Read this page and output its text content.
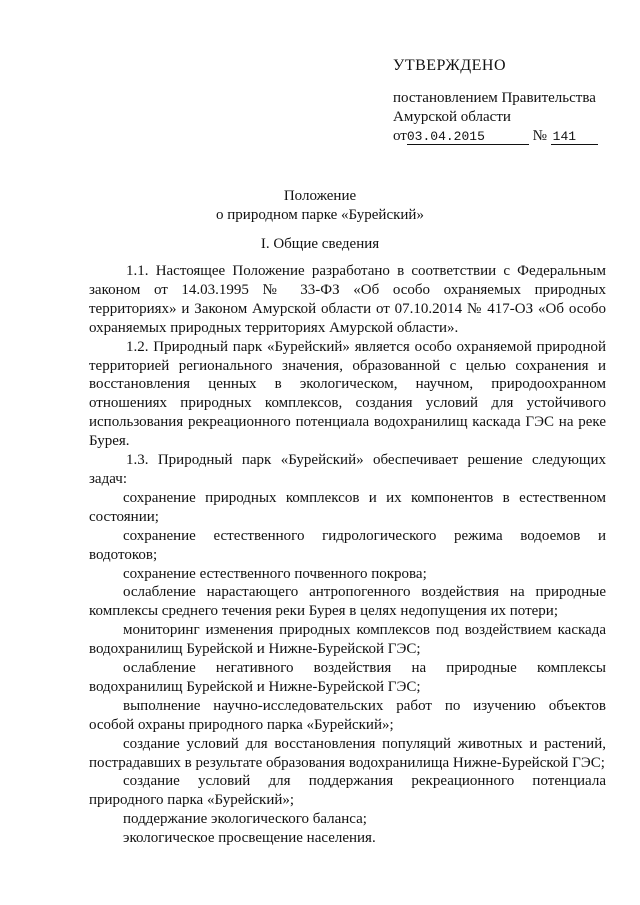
УТВЕРЖДЕНО
постановлением Правительства
Амурской области
от03.04.2015	№ 141
Положение
о природном парке «Бурейский»
I. Общие сведения

1.1. Настоящее Положение разработано в соответствии с Федеральным законом от 14.03.1995 № 33-ФЗ «Об особо охраняемых природных территориях» и Законом Амурской области от 07.10.2014 № 417-ОЗ «Об особо охраняемых природных территориях Амурской области».

1.2. Природный парк «Бурейский» является особо охраняемой природной территорией регионального значения, образованной с целью сохранения и восстановления ценных в экологическом, научном, природоохранном отношениях природных комплексов, создания условий для устойчивого использования рекреационного потенциала водохранилищ каскада ГЭС на реке Бурея.

1.3. Природный парк «Бурейский» обеспечивает решение следующих задач:

сохранение природных комплексов и их компонентов в естественном состоянии;

сохранение естественного гидрологического режима водоемов и водотоков;

сохранение естественного почвенного покрова;

ослабление нарастающего антропогенного воздействия на природные комплексы среднего течения реки Бурея в целях недопущения их потери;

мониторинг изменения природных комплексов под воздействием каскада водохранилищ Бурейской и Нижне-Бурейской ГЭС;

ослабление негативного воздействия на природные комплексы водохранилищ Бурейской и Нижне-Бурейской ГЭС;

выполнение научно-исследовательских работ по изучению объектов особой охраны природного парка «Бурейский»;

создание условий для восстановления популяций животных и растений, пострадавших в результате образования водохранилища Нижне-Бурейской ГЭС;

создание условий для поддержания рекреационного потенциала природного парка «Бурейский»;

поддержание экологического баланса;

экологическое просвещение населения.
